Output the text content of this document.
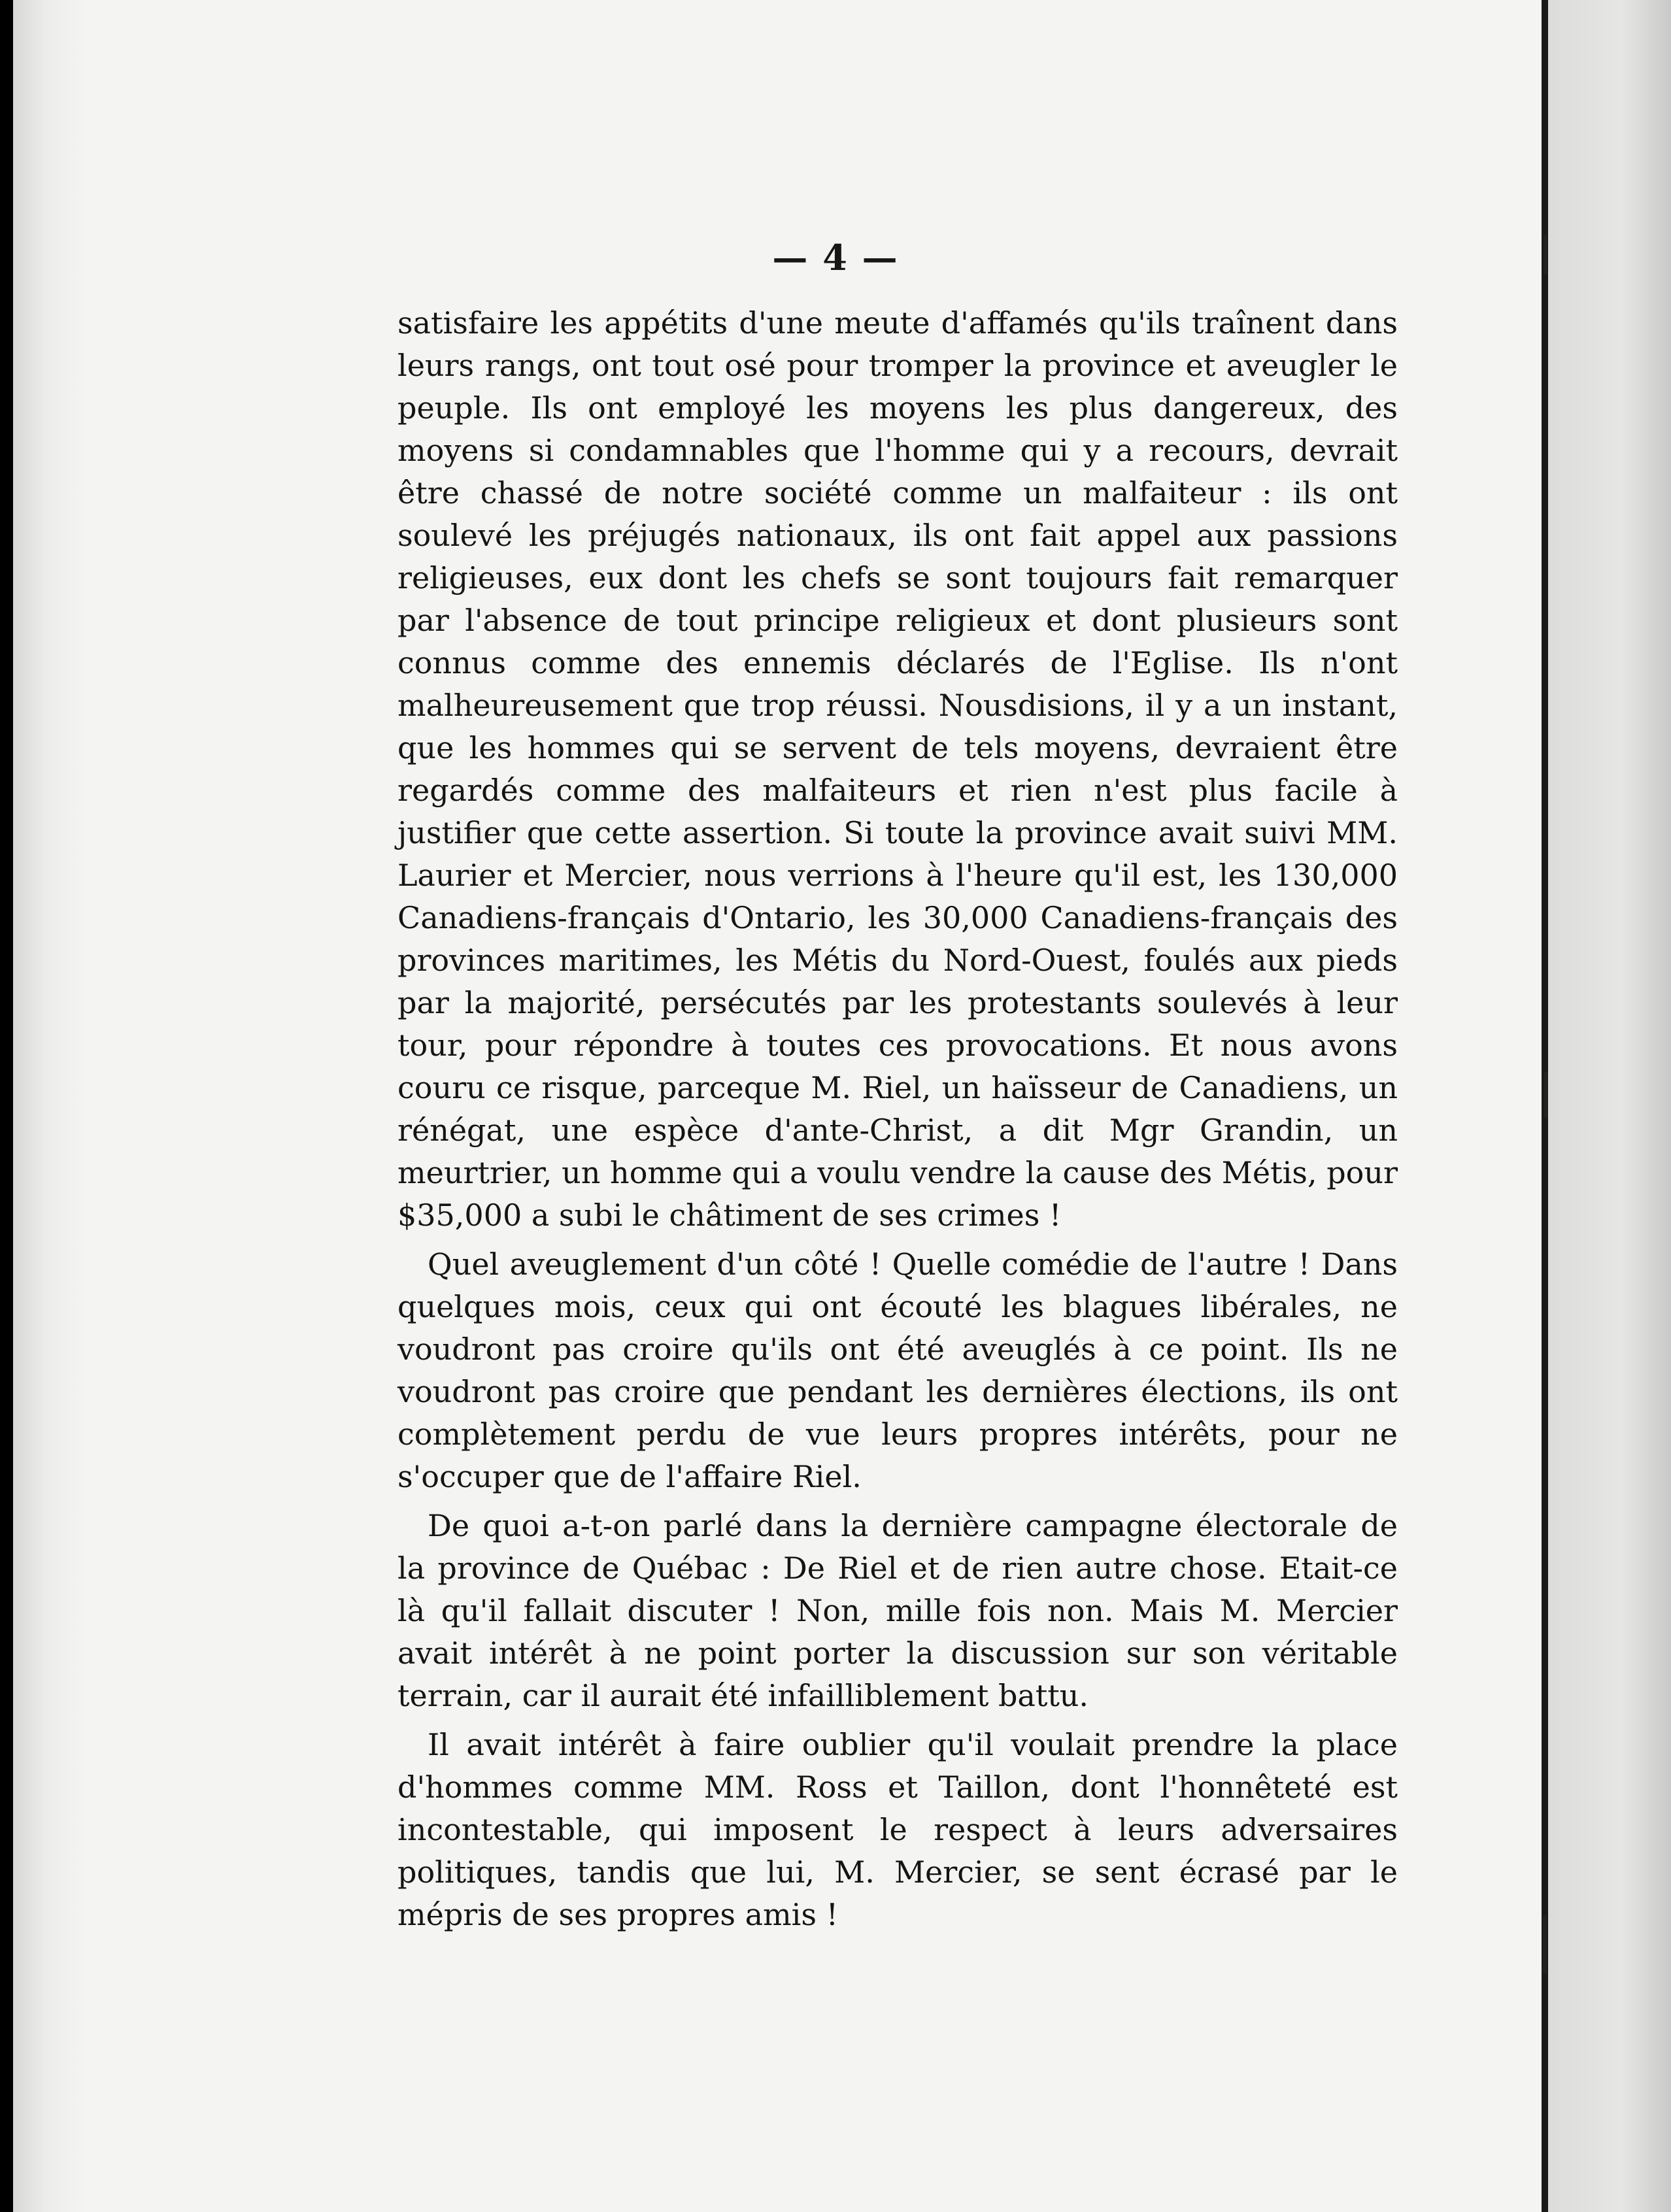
— 4 —

satisfaire les appétits d'une meute d'affamés qu'ils traînent dans leurs rangs, ont tout osé pour tromper la province et aveugler le peuple. Ils ont employé les moyens les plus dangereux, des moyens si condamnables que l'homme qui y a recours, devrait être chassé de notre société comme un malfaiteur : ils ont soulevé les préjugés nationaux, ils ont fait appel aux passions religieuses, eux dont les chefs se sont toujours fait remarquer par l'absence de tout principe religieux et dont plusieurs sont connus comme des ennemis déclarés de l'Eglise. Ils n'ont malheureusement que trop réussi. Nousdisions, il y a un instant, que les hommes qui se servent de tels moyens, devraient être regardés comme des malfaiteurs et rien n'est plus facile à justifier que cette assertion. Si toute la province avait suivi MM. Laurier et Mercier, nous verrions à l'heure qu'il est, les 130,000 Canadiens-français d'Ontario, les 30,000 Canadiens-français des provinces maritimes, les Métis du Nord-Ouest, foulés aux pieds par la majorité, persécutés par les protestants soulevés à leur tour, pour répondre à toutes ces provocations. Et nous avons couru ce risque, parceque M. Riel, un haïsseur de Canadiens, un rénégat, une espèce d'ante-Christ, a dit Mgr Grandin, un meurtrier, un homme qui a voulu vendre la cause des Métis, pour $35,000 a subi le châtiment de ses crimes !

Quel aveuglement d'un côté ! Quelle comédie de l'autre ! Dans quelques mois, ceux qui ont écouté les blagues libérales, ne voudront pas croire qu'ils ont été aveuglés à ce point. Ils ne voudront pas croire que pendant les dernières élections, ils ont complètement perdu de vue leurs propres intérêts, pour ne s'occuper que de l'affaire Riel.

De quoi a-t-on parlé dans la dernière campagne électorale de la province de Québac : De Riel et de rien autre chose. Etait-ce là qu'il fallait discuter ! Non, mille fois non. Mais M. Mercier avait intérêt à ne point porter la discussion sur son véritable terrain, car il aurait été infailliblement battu.

Il avait intérêt à faire oublier qu'il voulait prendre la place d'hommes comme MM. Ross et Taillon, dont l'honnêteté est incontestable, qui imposent le respect à leurs adversaires politiques, tandis que lui, M. Mercier, se sent écrasé par le mépris de ses propres amis !
